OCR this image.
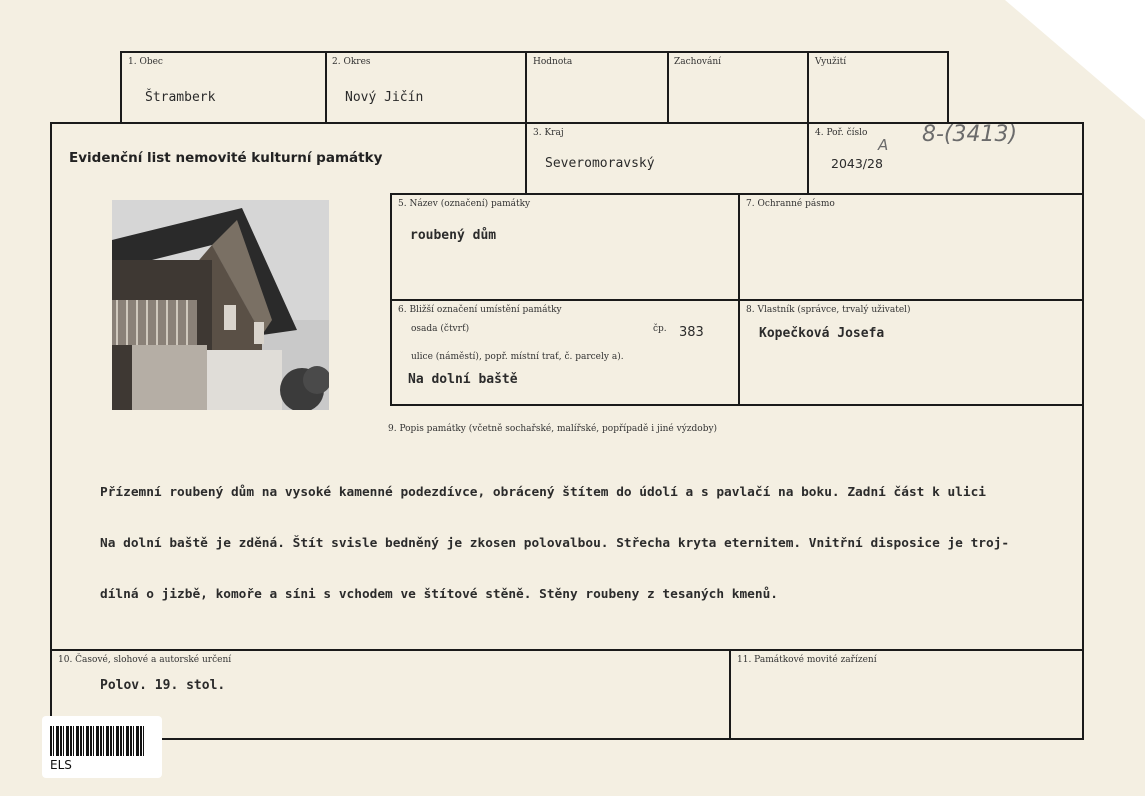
1. Obec
Štramberk
2. Okres
Nový Jičín
Hodnota	Zachování	Využití
Evidenční list nemovité kulturní památky
3. Kraj
Severomoravský
4. Poř. číslo
2043/28
A 8-(3413)
5. Název (označení) památky
roubený dům
7. Ochranné pásmo
6. Bližší označení umístění památky
osada (čtvrť)	čp. 383
ulice (náměstí), popř. místní trať, č. parcely a).
Na dolní baště
8. Vlastník (správce, trvalý uživatel)
Kopečková Josefa
9. Popis památky (včetně sochařské, malířské, popřípadě i jiné výzdoby)

Přízemní roubený dům na vysoké kamenné podezdívce, obrácený štítem do údolí a s pavlačí na boku. Zadní část k ulici

Na dolní baště je zděná. Štít svisle bedněný je zkosen polovalbou. Střecha kryta eternitem. Vnitřní disposice je troj-

dílná o jizbě, komoře a síni s vchodem ve štítové stěně. Stěny roubeny z tesaných kmenů.

10. Časové, slohové a autorské určení
Polov. 19. stol.
11. Památkové movité zařízení
ELS
